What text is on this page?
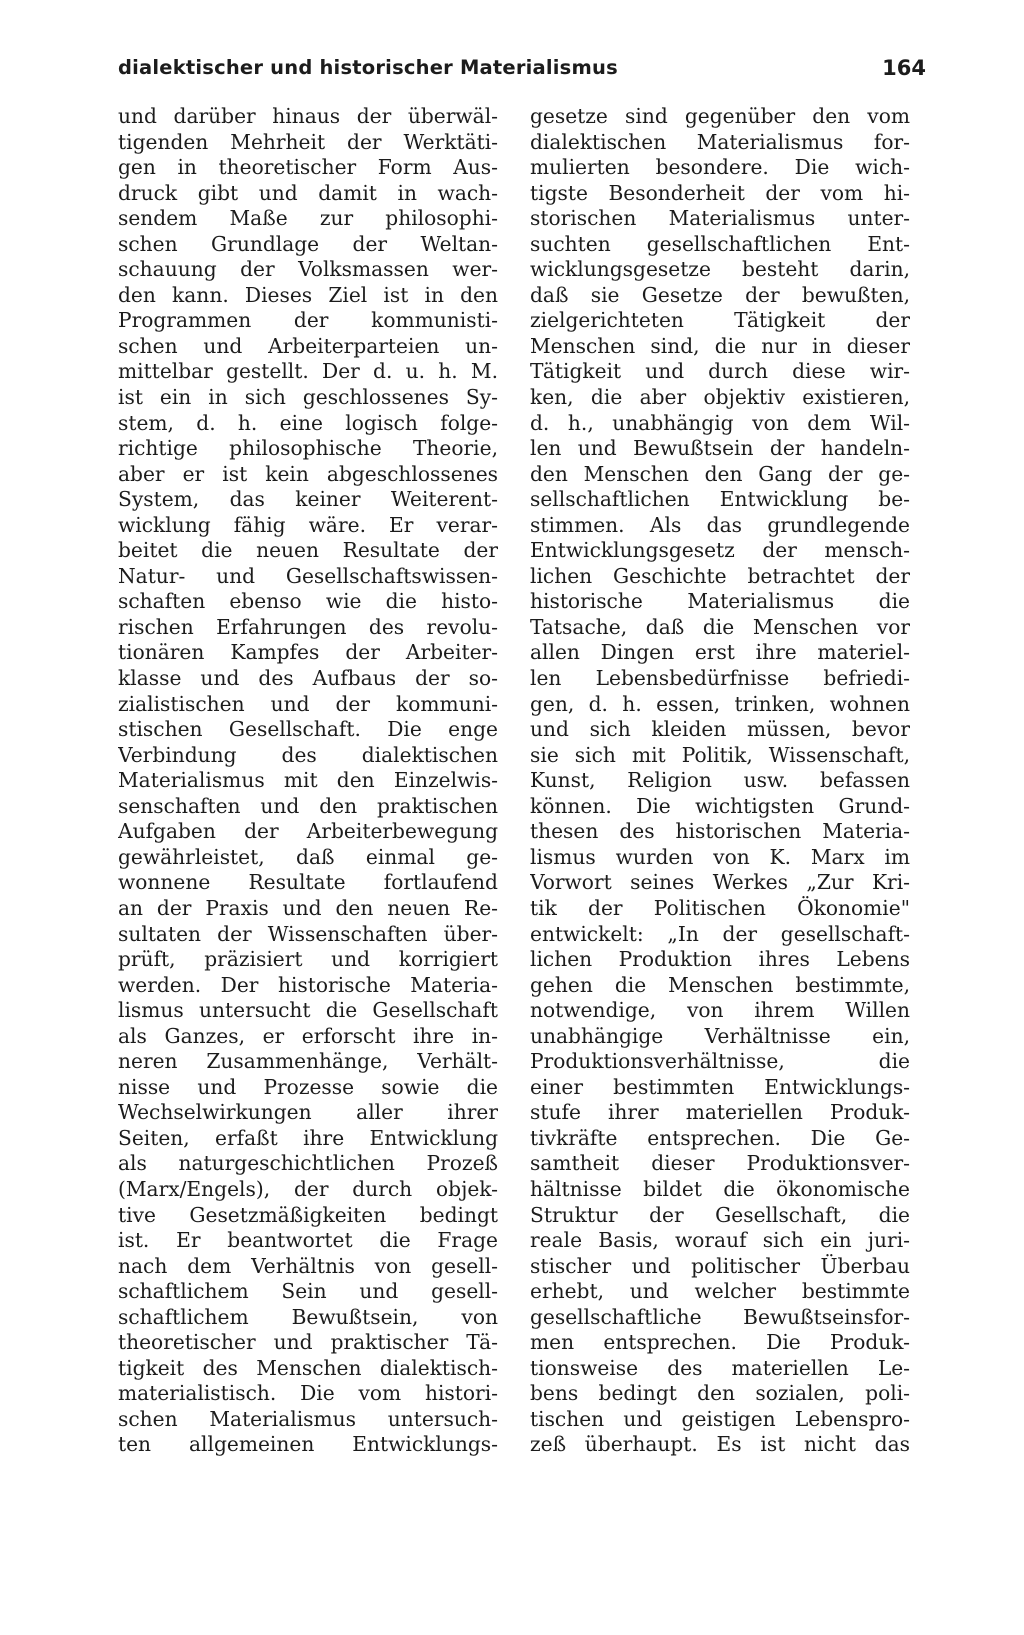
dialektischer und historischer Materialismus	164
und darüber hinaus der überwäl-
tigenden Mehrheit der Werktäti-
gen in theoretischer Form Aus-
druck gibt und damit in wach-
sendem Maße zur philosophi-
schen Grundlage der Weltan-
schauung der Volksmassen wer-
den kann. Dieses Ziel ist in den
Programmen der kommunisti-
schen und Arbeiterparteien un-
mittelbar gestellt. Der d. u. h. M.
ist ein in sich geschlossenes Sy-
stem, d. h. eine logisch folge-
richtige philosophische Theorie,
aber er ist kein abgeschlossenes
System, das keiner Weiterent-
wicklung fähig wäre. Er verar-
beitet die neuen Resultate der
Natur- und Gesellschaftswissen-
schaften ebenso wie die histo-
rischen Erfahrungen des revolu-
tionären Kampfes der Arbeiter-
klasse und des Aufbaus der so-
zialistischen und der kommuni-
stischen Gesellschaft. Die enge
Verbindung des dialektischen
Materialismus mit den Einzelwis-
senschaften und den praktischen
Aufgaben der Arbeiterbewegung
gewährleistet, daß einmal ge-
wonnene Resultate fortlaufend
an der Praxis und den neuen Re-
sultaten der Wissenschaften über-
prüft, präzisiert und korrigiert
werden. Der historische Materia-
lismus untersucht die Gesellschaft
als Ganzes, er erforscht ihre in-
neren Zusammenhänge, Verhält-
nisse und Prozesse sowie die
Wechselwirkungen aller ihrer
Seiten, erfaßt ihre Entwicklung
als naturgeschichtlichen Prozeß
(Marx/Engels), der durch objek-
tive Gesetzmäßigkeiten bedingt
ist. Er beantwortet die Frage
nach dem Verhältnis von gesell-
schaftlichem Sein und gesell-
schaftlichem Bewußtsein, von
theoretischer und praktischer Tä-
tigkeit des Menschen dialektisch-
materialistisch. Die vom histori-
schen Materialismus untersuch-
ten allgemeinen Entwicklungs-
gesetze sind gegenüber den vom
dialektischen Materialismus for-
mulierten besondere. Die wich-
tigste Besonderheit der vom hi-
storischen Materialismus unter-
suchten gesellschaftlichen Ent-
wicklungsgesetze besteht darin,
daß sie Gesetze der bewußten,
zielgerichteten Tätigkeit der
Menschen sind, die nur in dieser
Tätigkeit und durch diese wir-
ken, die aber objektiv existieren,
d. h., unabhängig von dem Wil-
len und Bewußtsein der handeln-
den Menschen den Gang der ge-
sellschaftlichen Entwicklung be-
stimmen. Als das grundlegende
Entwicklungsgesetz der mensch-
lichen Geschichte betrachtet der
historische Materialismus die
Tatsache, daß die Menschen vor
allen Dingen erst ihre materiel-
len Lebensbedürfnisse befriedi-
gen, d. h. essen, trinken, wohnen
und sich kleiden müssen, bevor
sie sich mit Politik, Wissenschaft,
Kunst, Religion usw. befassen
können. Die wichtigsten Grund-
thesen des historischen Materia-
lismus wurden von K. Marx im
Vorwort seines Werkes „Zur Kri-
tik der Politischen Ökonomie"
entwickelt: „In der gesellschaft-
lichen Produktion ihres Lebens
gehen die Menschen bestimmte,
notwendige, von ihrem Willen
unabhängige Verhältnisse ein,
Produktionsverhältnisse, die
einer bestimmten Entwicklungs-
stufe ihrer materiellen Produk-
tivkräfte entsprechen. Die Ge-
samtheit dieser Produktionsver-
hältnisse bildet die ökonomische
Struktur der Gesellschaft, die
reale Basis, worauf sich ein juri-
stischer und politischer Überbau
erhebt, und welcher bestimmte
gesellschaftliche Bewußtseinsfor-
men entsprechen. Die Produk-
tionsweise des materiellen Le-
bens bedingt den sozialen, poli-
tischen und geistigen Lebenspro-
zeß überhaupt. Es ist nicht das
